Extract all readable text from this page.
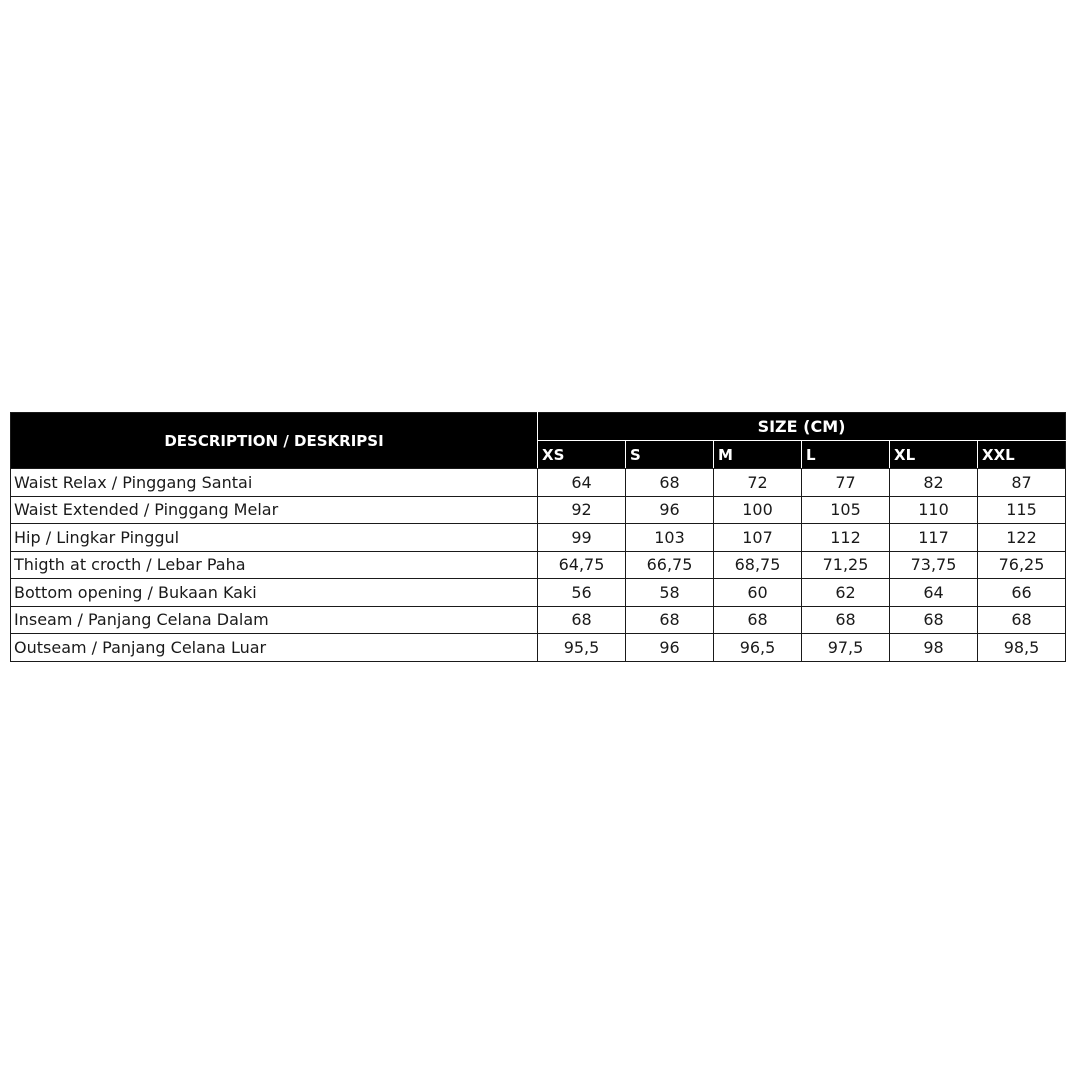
DESCRIPTION / DESKRIPSI	SIZE (CM)					
	XS	S	M	L	XL	XXL
Waist Relax / Pinggang Santai	64	68	72	77	82	87
Waist Extended / Pinggang Melar	92	96	100	105	110	115
Hip / Lingkar Pinggul	99	103	107	112	117	122
Thigth at crocth / Lebar Paha	64,75	66,75	68,75	71,25	73,75	76,25
Bottom opening / Bukaan Kaki	56	58	60	62	64	66
Inseam / Panjang Celana Dalam	68	68	68	68	68	68
Outseam / Panjang Celana Luar	95,5	96	96,5	97,5	98	98,5
